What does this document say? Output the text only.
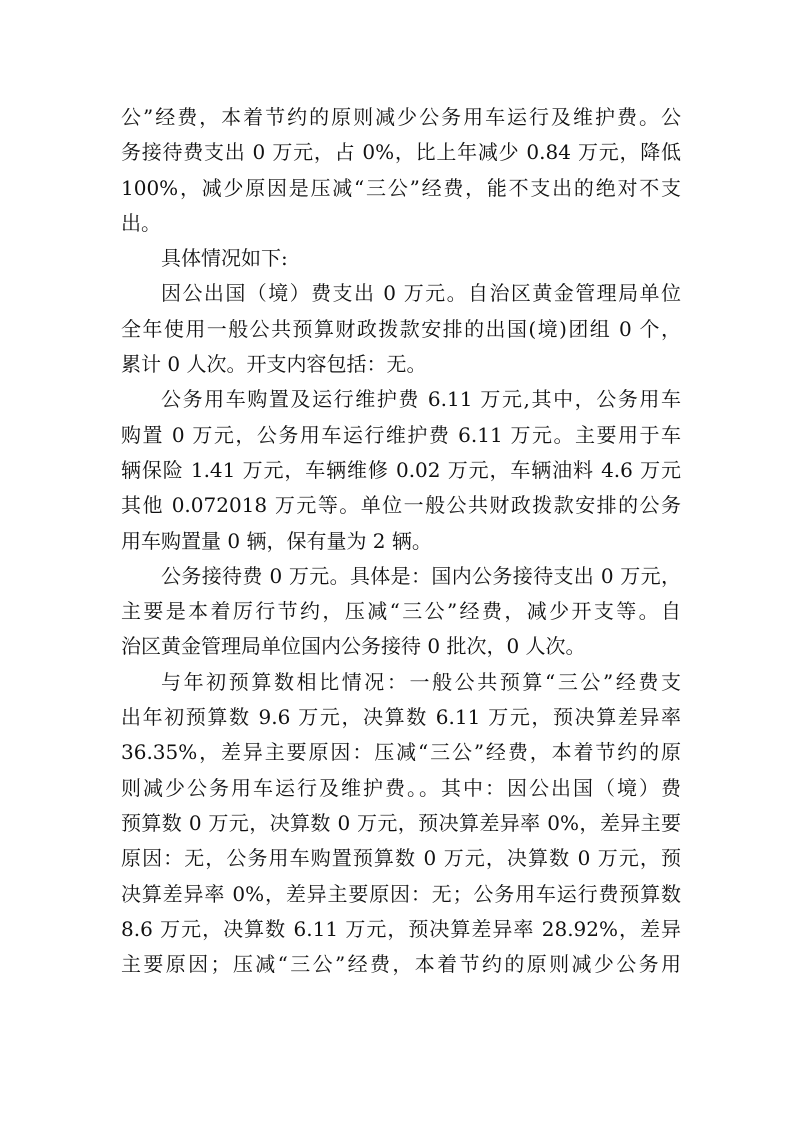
公”经费，本着节约的原则减少公务用车运行及维护费。公
务接待费支出 0 万元，占 0%，比上年减少 0.84 万元，降低
100%，减少原因是压减“三公”经费，能不支出的绝对不支
出。
具体情况如下:
因公出国（境）费支出 0 万元。自治区黄金管理局单位
全年使用一般公共预算财政拨款安排的出国(境)团组 0 个，
累计 0 人次。开支内容包括：无。
公务用车购置及运行维护费 6.11 万元,其中，公务用车
购置 0 万元，公务用车运行维护费 6.11 万元。主要用于车
辆保险 1.41 万元，车辆维修 0.02 万元，车辆油料 4.6 万元
其他 0.072018 万元等。单位一般公共财政拨款安排的公务
用车购置量 0 辆，保有量为 2 辆。
公务接待费 0 万元。具体是：国内公务接待支出 0 万元，
主要是本着厉行节约，压减“三公”经费，减少开支等。自
治区黄金管理局单位国内公务接待 0 批次，0 人次。
与年初预算数相比情况：一般公共预算“三公”经费支
出年初预算数 9.6 万元，决算数 6.11 万元，预决算差异率
36.35%，差异主要原因：压减“三公”经费，本着节约的原
则减少公务用车运行及维护费。。其中：因公出国（境）费
预算数 0 万元，决算数 0 万元，预决算差异率 0%，差异主要
原因：无，公务用车购置预算数 0 万元，决算数 0 万元，预
决算差异率 0%，差异主要原因：无；公务用车运行费预算数
8.6 万元，决算数 6.11 万元，预决算差异率 28.92%，差异
主要原因；压减“三公”经费，本着节约的原则减少公务用
